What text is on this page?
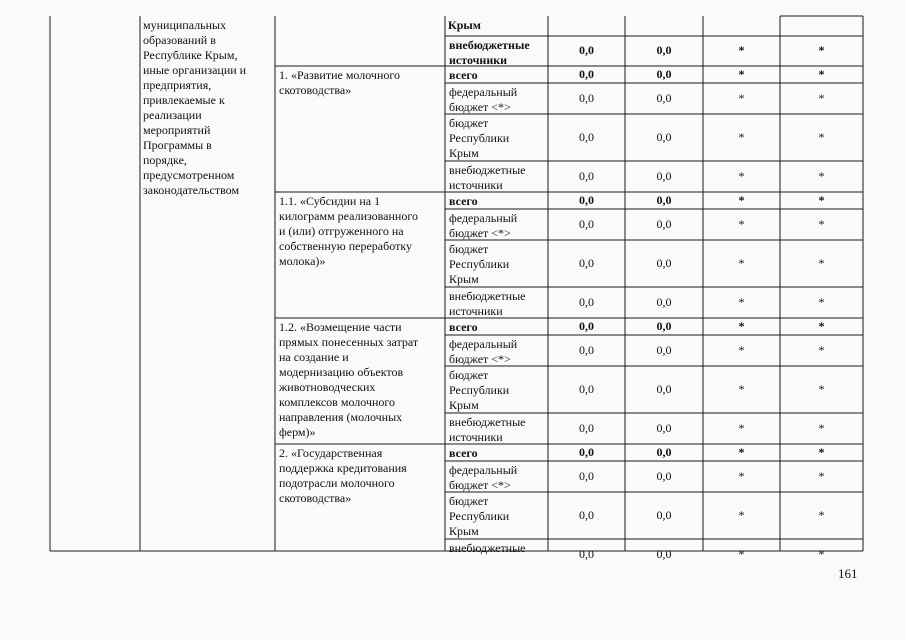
муниципальных
образований в
Республике Крым,
иные организации и
предприятия,
привлекаемые к
реализации
мероприятий
Программы в
порядке,
предусмотренном
законодательством
Крым
внебюджетные
источники
0,0	0,0	*	*
1. «Развитие молочного
скотоводства»
всего	0,0	0,0	*	*
федеральный
бюджет <*>
0,0	0,0	*	*
бюджет
Республики
Крым
0,0	0,0	*	*
внебюджетные
источники
0,0	0,0	*	*
1.1. «Субсидии на 1
килограмм реализованного
и (или) отгруженного на
собственную переработку
молока)»
всего	0,0	0,0	*	*
федеральный
бюджет <*>
0,0	0,0	*	*
бюджет
Республики
Крым
0,0	0,0	*	*
внебюджетные
источники
0,0	0,0	*	*
1.2. «Возмещение части
прямых понесенных затрат
на создание и
модернизацию объектов
животноводческих
комплексов молочного
направления (молочных
ферм)»
всего	0,0	0,0	*	*
федеральный
бюджет <*>
0,0	0,0	*	*
бюджет
Республики
Крым
0,0	0,0	*	*
внебюджетные
источники
0,0	0,0	*	*
2. «Государственная
поддержка кредитования
подотрасли молочного
скотоводства»
всего	0,0	0,0	*	*
федеральный
бюджет <*>
0,0	0,0	*	*
бюджет
Республики
Крым
0,0	0,0	*	*
внебюджетные	0,0	0,0	*	*
161
